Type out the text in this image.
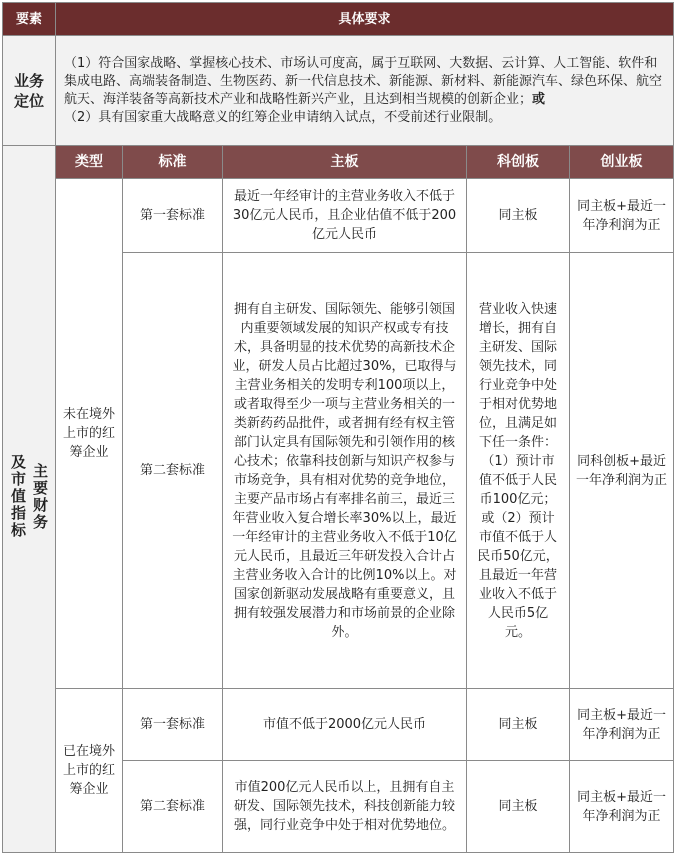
要素	具体要求				

业务定位	（1）符合国家战略、掌握核心技术、市场认可度高，属于互联网、大数据、云计算、人工智能、软件和集成电路、高端装备制造、生物医药、新一代信息技术、新能源、新材料、新能源汽车、绿色环保、航空航天、海洋装备等高新技术产业和战略性新兴产业，且达到相当规模的创新企业；或

（2）具有国家重大战略意义的红筹企业申请纳入试点，不受前述行业限制。				

主要财务
及市值指标	类型	标准	主板	科创板	创业板
	未在境外上市的红筹企业	第一套标准	最近一年经审计的主营业务收入不低于30亿元人民币，且企业估值不低于200亿元人民币	同主板	同主板+最近一年净利润为正
		第二套标准	拥有自主研发、国际领先、能够引领国内重要领域发展的知识产权或专有技术，具备明显的技术优势的高新技术企业，研发人员占比超过30%，已取得与主营业务相关的发明专利100项以上，或者取得至少一项与主营业务相关的一类新药药品批件，或者拥有经有权主管部门认定具有国际领先和引领作用的核心技术；依靠科技创新与知识产权参与市场竞争，具有相对优势的竞争地位，主要产品市场占有率排名前三，最近三年营业收入复合增长率30%以上，最近一年经审计的主营业务收入不低于10亿元人民币，且最近三年研发投入合计占主营业务收入合计的比例10%以上。对国家创新驱动发展战略有重要意义，且拥有较强发展潜力和市场前景的企业除外。	营业收入快速增长，拥有自主研发、国际领先技术，同行业竞争中处于相对优势地位，且满足如下任一条件：（1）预计市值不低于人民币100亿元；或（2）预计市值不低于人民币50亿元，且最近一年营业收入不低于人民币5亿元。	同科创板+最近一年净利润为正
	已在境外上市的红筹企业	第一套标准	市值不低于2000亿元人民币	同主板	同主板+最近一年净利润为正
		第二套标准	市值200亿元人民币以上，且拥有自主研发、国际领先技术，科技创新能力较强，同行业竞争中处于相对优势地位。	同主板	同主板+最近一年净利润为正
